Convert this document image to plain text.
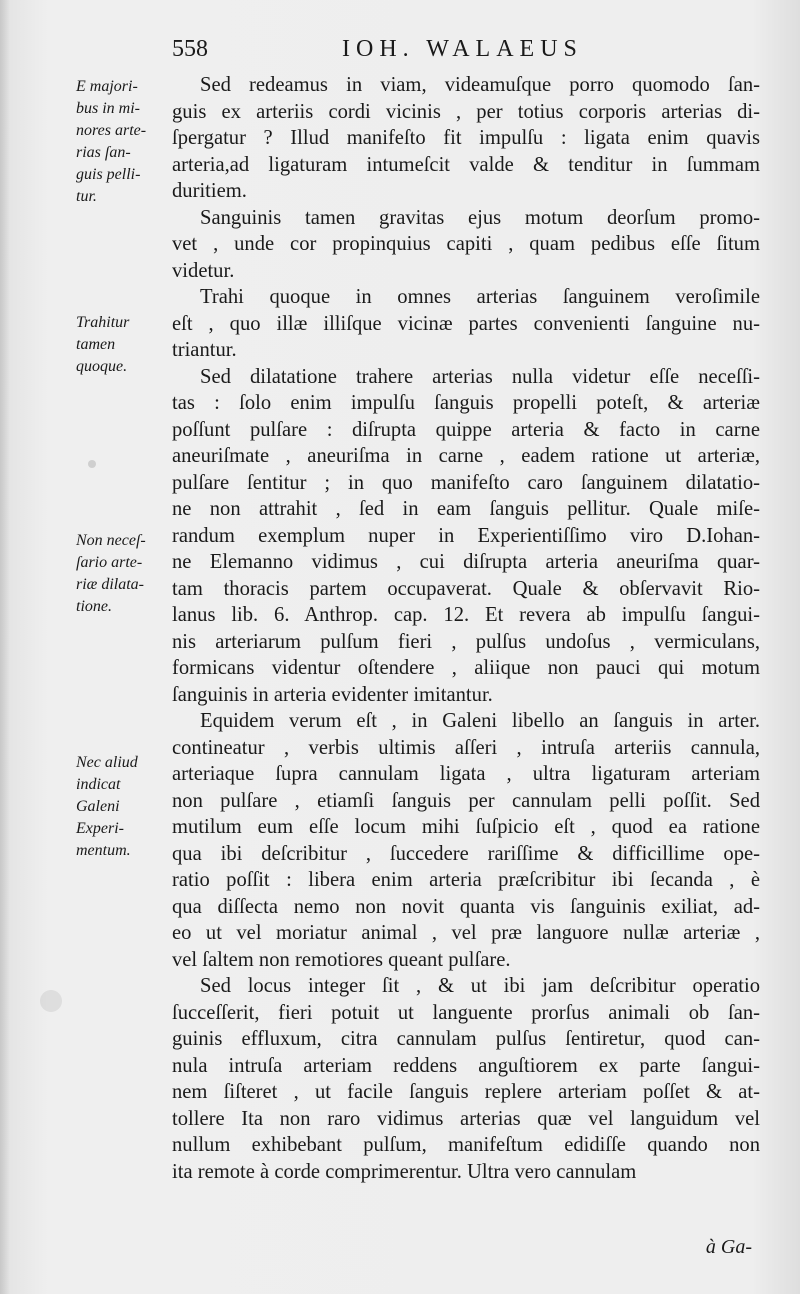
558	IOH. WALAEUS
E majori-
bus in mi-
nores arte-
rias ſan-
guis pelli-
tur.
Trahitur
tamen
quoque.
Non neceſ-
ſario arte-
riæ dilata-
tione.
Nec aliud
indicat
Galeni
Experi-
mentum.
Sed redeamus in viam, videamuſque porro quomodo ſan-
guis ex arteriis cordi vicinis , per totius corporis arterias di-
ſpergatur ? Illud manifeſto fit impulſu : ligata enim quavis
arteria,ad ligaturam intumeſcit valde & tenditur in ſummam
duritiem.
Sanguinis tamen gravitas ejus motum deorſum promo-
vet , unde cor propinquius capiti , quam pedibus eſſe ſitum
videtur.
Trahi quoque in omnes arterias ſanguinem veroſimile
eſt , quo illæ illiſque vicinæ partes convenienti ſanguine nu-
triantur.
Sed dilatatione trahere arterias nulla videtur eſſe neceſſi-
tas : ſolo enim impulſu ſanguis propelli poteſt, & arteriæ
poſſunt pulſare : diſrupta quippe arteria & facto in carne
aneuriſmate , aneuriſma in carne , eadem ratione ut arteriæ,
pulſare ſentitur ; in quo manifeſto caro ſanguinem dilatatio-
ne non attrahit , ſed in eam ſanguis pellitur. Quale miſe-
randum exemplum nuper in Experientiſſimo viro D.Iohan-
ne Elemanno vidimus , cui diſrupta arteria aneuriſma quar-
tam thoracis partem occupaverat. Quale & obſervavit Rio-
lanus lib. 6. Anthrop. cap. 12. Et revera ab impulſu ſangui-
nis arteriarum pulſum fieri , pulſus undoſus , vermiculans,
formicans videntur oſtendere , aliique non pauci qui motum
ſanguinis in arteria evidenter imitantur.
Equidem verum eſt , in Galeni libello an ſanguis in arter.
contineatur , verbis ultimis aſſeri , intruſa arteriis cannula,
arteriaque ſupra cannulam ligata , ultra ligaturam arteriam
non pulſare , etiamſi ſanguis per cannulam pelli poſſit. Sed
mutilum eum eſſe locum mihi ſuſpicio eſt , quod ea ratione
qua ibi deſcribitur , ſuccedere rariſſime & difficillime ope-
ratio poſſit : libera enim arteria præſcribitur ibi ſecanda , è
qua diſſecta nemo non novit quanta vis ſanguinis exiliat, ad-
eo ut vel moriatur animal , vel præ languore nullæ arteriæ ,
vel ſaltem non remotiores queant pulſare.
Sed locus integer ſit , & ut ibi jam deſcribitur operatio
ſucceſſerit, fieri potuit ut languente prorſus animali ob ſan-
guinis effluxum, citra cannulam pulſus ſentiretur, quod can-
nula intruſa arteriam reddens anguſtiorem ex parte ſangui-
nem ſiſteret , ut facile ſanguis replere arteriam poſſet & at-
tollere Ita non raro vidimus arterias quæ vel languidum vel
nullum exhibebant pulſum, manifeſtum edidiſſe quando non
ita remote à corde comprimerentur. Ultra vero cannulam
à Ga-
